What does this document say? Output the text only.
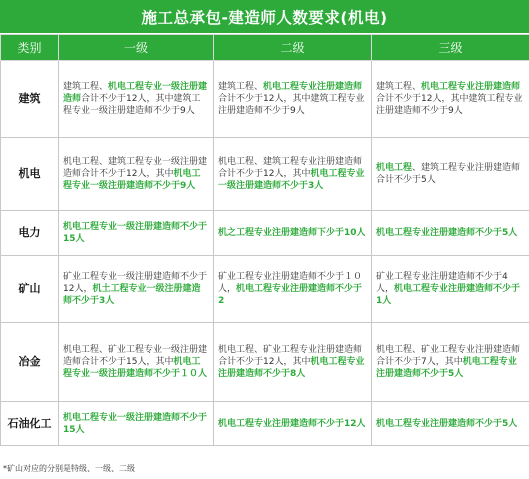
施工总承包-建造师人数要求(机电)
类别	一级	二级	三级
建筑	建筑工程、机电工程专业一级注册建造师合计不少于12人，其中建筑工程专业一级注册建造师不少于9人	建筑工程、机电工程专业注册建造师合计不少于12人，其中建筑工程专业注册建造师不少于9人	建筑工程、机电工程专业注册建造师合计不少于12人，其中建筑工程专业注册建造师不少于9人
机电	机电工程、建筑工程专业一级注册建造师合计不少于12人，其中机电工程专业一级注册建造师不少于9人	机电工程、建筑工程专业注册建造师合计不少于12人，其中机电工程专业一级注册建造师不少于3人	机电工程、建筑工程专业注册建造师合计不少于5人
电力	机电工程专业一级注册建造师不少于15人	机之工程专业注册建造师下少于10人	机电工程专业注册建造师不少于5人
矿山	矿业工程专业一级注册建造师不少于12人，机土工程专业一级注册建造师不少于3人	矿业工程专业注册建造师不少于１０人，机电工程专业注册建造师不少于2	矿业工程专业注册建造师不少于4人，机电工程专业注册建造师不少于1人
冶金	机电工程、矿业工程专业一级注册建造师合计不少于15人，其中机电工程专业一级注册建造师不少于１０人	机电工程、矿业工程专业注册建造师合计不少于12人，其中机电工程专业注册建造师不少于8人	机电工程、矿业工程专业注册建造师合计不少于7人，其中机电工程专业注册建造师不少于5人
石油化工	机电工程专业一级注册建造师不少于15人	机电工程专业注册建造师不少于12人	机电工程专业注册建造师不少于5人
*矿山对应的分别是特级、一级、二级
